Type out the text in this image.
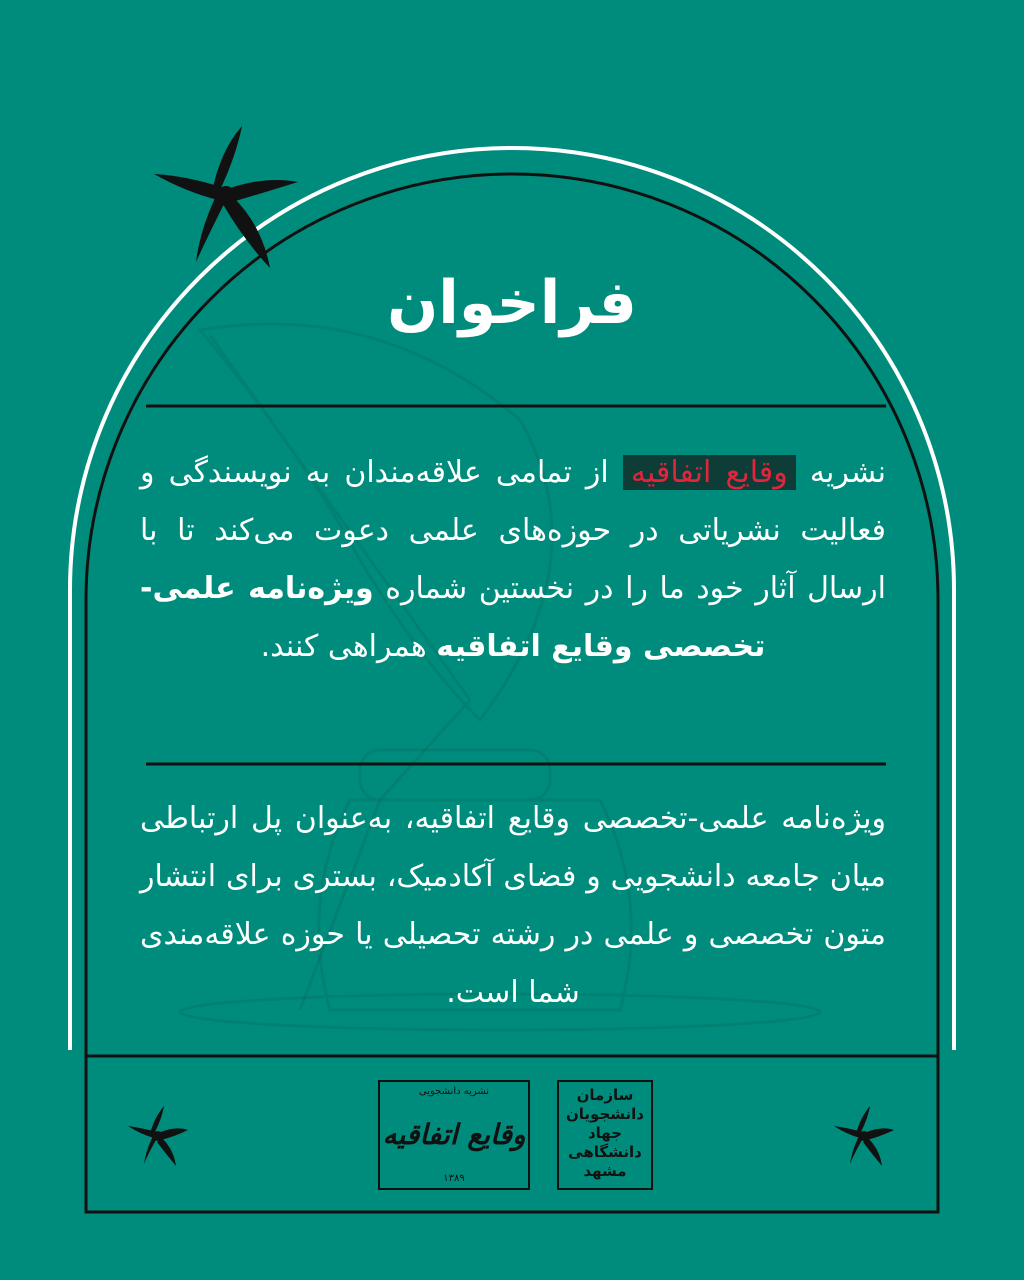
فراخوان
نشریه وقایع اتفاقیه از تمامی علاقه‌مندان به نویسندگی و فعالیت نشریاتی در حوزه‌های علمی دعوت می‌کند تا با ارسال آثار خود ما را در نخستین شماره ویژه‌نامه علمی-تخصصی وقایع اتفاقیه همراهی کنند.
ویژه‌نامه علمی-تخصصی وقایع اتفاقیه، به‌عنوان پل ارتباطی میان جامعه دانشجویی و فضای آکادمیک، بستری برای انتشار متون تخصصی و علمی در رشته تحصیلی یا حوزه علاقه‌مندی شما است.
نشریه دانشجویی
وقایع اتفاقیه
۱۳۸۹
سازمان
دانشجویان
جهاد
دانشگاهی
مشهد
